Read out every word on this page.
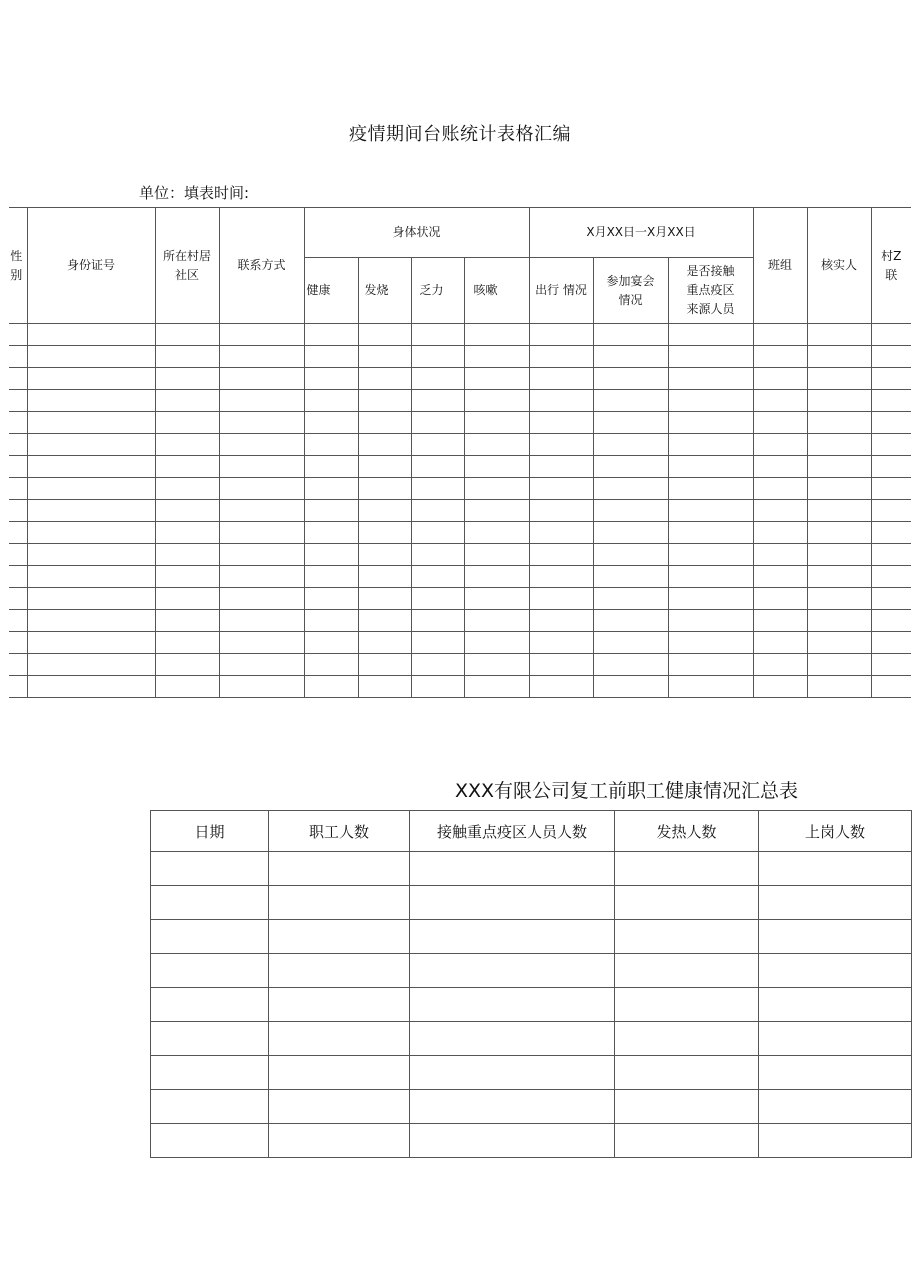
疫情期间台账统计表格汇编
单位：填表时间:
性别	身份证号	所在村居社区	联系方式	身体状况				X月XX日一X月XX日			班组	核实人	村Z联
				健康	发烧	乏力	咳嗽	出行 情况	参加宴会情况	是否接触重点疫区来源人员			

XXX有限公司复工前职工健康情况汇总表
日期	职工人数	接触重点疫区人员人数	发热人数	上岗人数
